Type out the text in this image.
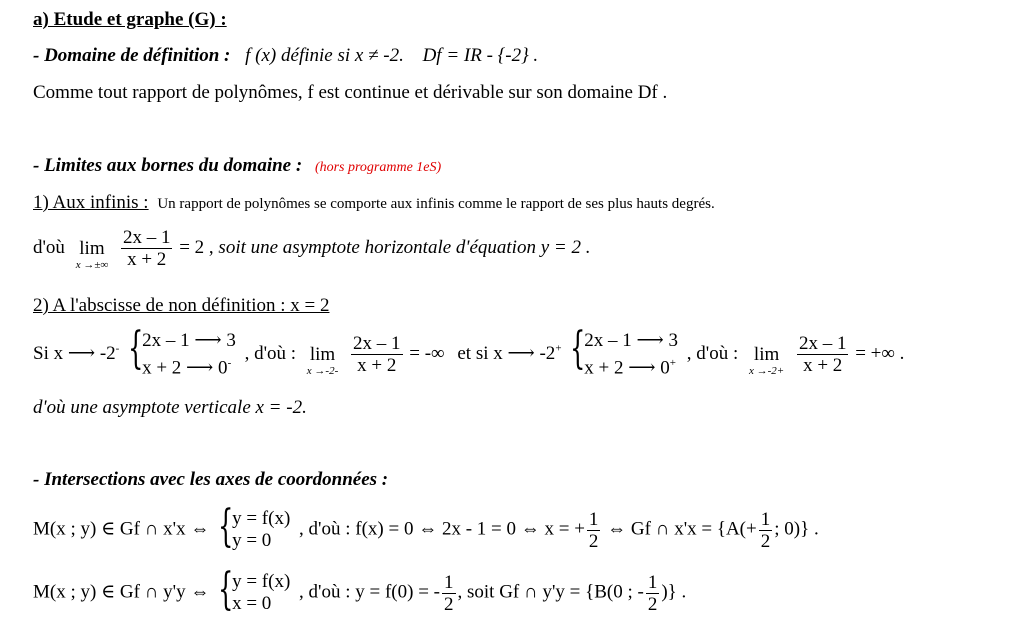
a) Etude et graphe (G) :
- Domaine de définition : f (x) définie si x ≠ -2. Df = IR - {-2} .
Comme tout rapport de polynômes, f est continue et dérivable sur son domaine Df .
- Limites aux bornes du domaine : (hors programme 1eS)
1) Aux infinis : Un rapport de polynômes se comporte aux infinis comme le rapport de ses plus hauts degrés.
d'où lim
x →±∞
$\frac{2x - 1}{x + 2} = 2$ , soit une asymptote horizontale d'équation y = 2 .
2) A l'abscisse de non définition : x = 2
Si x ⟶ -2- {
2x – 1 ⟶ 3
x + 2 ⟶ 0- , d'où : lim
x →-2-
$\frac{2x - 1}{x + 2}$ = -∞ et si x ⟶ -2+ {
2x – 1 ⟶ 3
x + 2 ⟶ 0+ , d'où : lim
x →-2+
$\frac{2x - 1}{x + 2}$ = +∞ .
d'où une asymptote verticale x = -2.
- Intersections avec les axes de coordonnées :
M(x ; y) ∈ Gf ∩ x'x ⇔ {
y = f(x)
y = 0
, d'où : f(x) = 0 ⇔ 2x - 1 = 0 ⇔ x = + $\frac{1}{2}$ ⇔ Gf ∩ $x'x = \{A(+ \frac{1}{2}$ ; 0)} .
M(x ; y) ∈ Gf ∩ y'y ⇔ {
y = f(x)
x = 0
, d'où : y = f(0) = - $\frac{1}{2}$ , soit Gf ∩ y'y = {B(0 ; - $\frac{1}{2}$ )} .
